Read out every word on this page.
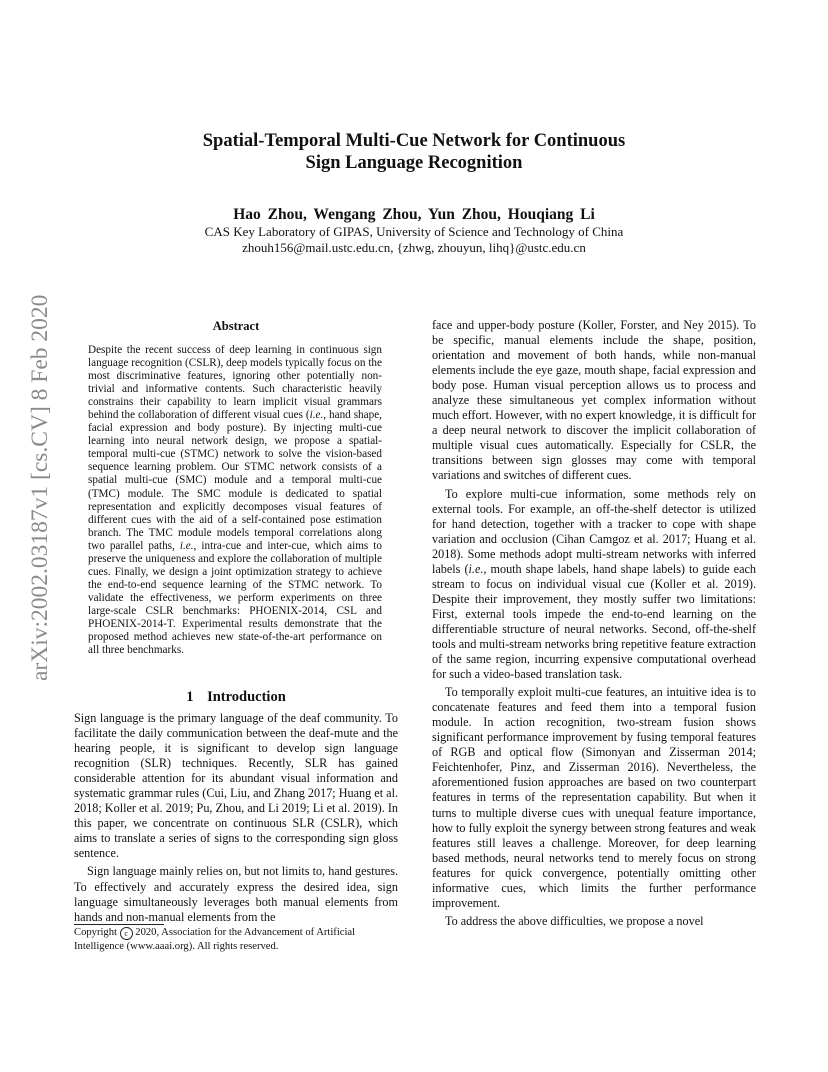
arXiv:2002.03187v1 [cs.CV] 8 Feb 2020
Spatial-Temporal Multi-Cue Network for Continuous
Sign Language Recognition
Hao Zhou, Wengang Zhou, Yun Zhou, Houqiang Li
CAS Key Laboratory of GIPAS, University of Science and Technology of China
zhouh156@mail.ustc.edu.cn, {zhwg, zhouyun, lihq}@ustc.edu.cn
Abstract
Despite the recent success of deep learning in continuous sign language recognition (CSLR), deep models typically focus on the most discriminative features, ignoring other potentially non-trivial and informative contents. Such characteristic heavily constrains their capability to learn implicit visual grammars behind the collaboration of different visual cues (i.e., hand shape, facial expression and body posture). By injecting multi-cue learning into neural network design, we propose a spatial-temporal multi-cue (STMC) network to solve the vision-based sequence learning problem. Our STMC network consists of a spatial multi-cue (SMC) module and a temporal multi-cue (TMC) module. The SMC module is dedicated to spatial representation and explicitly decomposes visual features of different cues with the aid of a self-contained pose estimation branch. The TMC module models temporal correlations along two parallel paths, i.e., intra-cue and inter-cue, which aims to preserve the uniqueness and explore the collaboration of multiple cues. Finally, we design a joint optimization strategy to achieve the end-to-end sequence learning of the STMC network. To validate the effectiveness, we perform experiments on three large-scale CSLR benchmarks: PHOENIX-2014, CSL and PHOENIX-2014-T. Experimental results demonstrate that the proposed method achieves new state-of-the-art performance on all three benchmarks.
1 Introduction

Sign language is the primary language of the deaf community. To facilitate the daily communication between the deaf-mute and the hearing people, it is significant to develop sign language recognition (SLR) techniques. Recently, SLR has gained considerable attention for its abundant visual information and systematic grammar rules (Cui, Liu, and Zhang 2017; Huang et al. 2018; Koller et al. 2019; Pu, Zhou, and Li 2019; Li et al. 2019). In this paper, we concentrate on continuous SLR (CSLR), which aims to translate a series of signs to the corresponding sign gloss sentence.

Sign language mainly relies on, but not limits to, hand gestures. To effectively and accurately express the desired idea, sign language simultaneously leverages both manual elements from hands and non-manual elements from the

Copyright c 2020, Association for the Advancement of Artificial Intelligence (www.aaai.org). All rights reserved.

face and upper-body posture (Koller, Forster, and Ney 2015). To be specific, manual elements include the shape, position, orientation and movement of both hands, while non-manual elements include the eye gaze, mouth shape, facial expression and body pose. Human visual perception allows us to process and analyze these simultaneous yet complex information without much effort. However, with no expert knowledge, it is difficult for a deep neural network to discover the implicit collaboration of multiple visual cues automatically. Especially for CSLR, the transitions between sign glosses may come with temporal variations and switches of different cues.

To explore multi-cue information, some methods rely on external tools. For example, an off-the-shelf detector is utilized for hand detection, together with a tracker to cope with shape variation and occlusion (Cihan Camgoz et al. 2017; Huang et al. 2018). Some methods adopt multi-stream networks with inferred labels (i.e., mouth shape labels, hand shape labels) to guide each stream to focus on individual visual cue (Koller et al. 2019). Despite their improvement, they mostly suffer two limitations: First, external tools impede the end-to-end learning on the differentiable structure of neural networks. Second, off-the-shelf tools and multi-stream networks bring repetitive feature extraction of the same region, incurring expensive computational overhead for such a video-based translation task.

To temporally exploit multi-cue features, an intuitive idea is to concatenate features and feed them into a temporal fusion module. In action recognition, two-stream fusion shows significant performance improvement by fusing temporal features of RGB and optical flow (Simonyan and Zisserman 2014; Feichtenhofer, Pinz, and Zisserman 2016). Nevertheless, the aforementioned fusion approaches are based on two counterpart features in terms of the representation capability. But when it turns to multiple diverse cues with unequal feature importance, how to fully exploit the synergy between strong features and weak features still leaves a challenge. Moreover, for deep learning based methods, neural networks tend to merely focus on strong features for quick convergence, potentially omitting other informative cues, which limits the further performance improvement.

To address the above difficulties, we propose a novel
